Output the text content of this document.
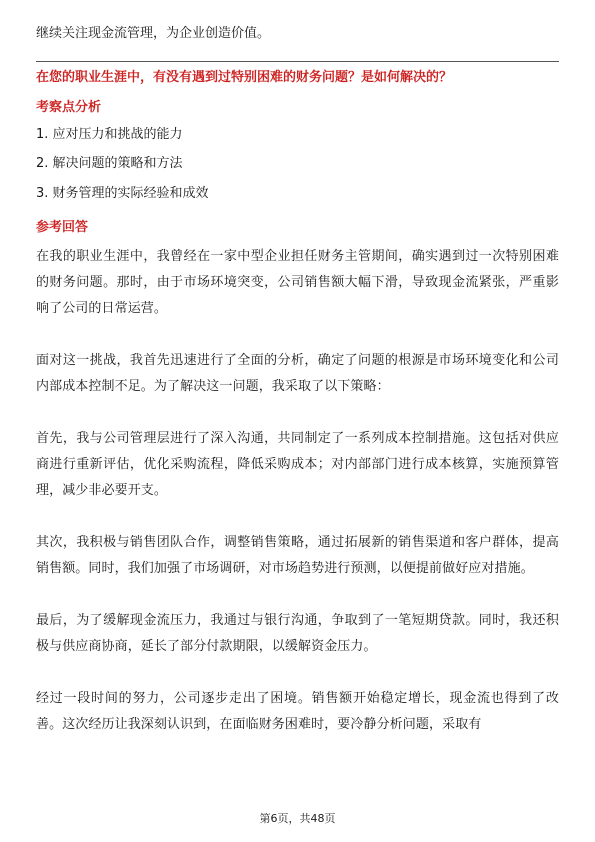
继续关注现金流管理，为企业创造价值。
在您的职业生涯中，有没有遇到过特别困难的财务问题？是如何解决的？
考察点分析
1. 应对压力和挑战的能力
2. 解决问题的策略和方法
3. 财务管理的实际经验和成效
参考回答

在我的职业生涯中，我曾经在一家中型企业担任财务主管期间，确实遇到过一次特别困难的财务问题。那时，由于市场环境突变，公司销售额大幅下滑，导致现金流紧张，严重影响了公司的日常运营。

面对这一挑战，我首先迅速进行了全面的分析，确定了问题的根源是市场环境变化和公司内部成本控制不足。为了解决这一问题，我采取了以下策略：

首先，我与公司管理层进行了深入沟通，共同制定了一系列成本控制措施。这包括对供应商进行重新评估，优化采购流程，降低采购成本；对内部部门进行成本核算，实施预算管理，减少非必要开支。

其次，我积极与销售团队合作，调整销售策略，通过拓展新的销售渠道和客户群体，提高销售额。同时，我们加强了市场调研，对市场趋势进行预测，以便提前做好应对措施。

最后，为了缓解现金流压力，我通过与银行沟通，争取到了一笔短期贷款。同时，我还积极与供应商协商，延长了部分付款期限，以缓解资金压力。

经过一段时间的努力，公司逐步走出了困境。销售额开始稳定增长，现金流也得到了改善。这次经历让我深刻认识到，在面临财务困难时，要冷静分析问题，采取有

第6页，共48页
